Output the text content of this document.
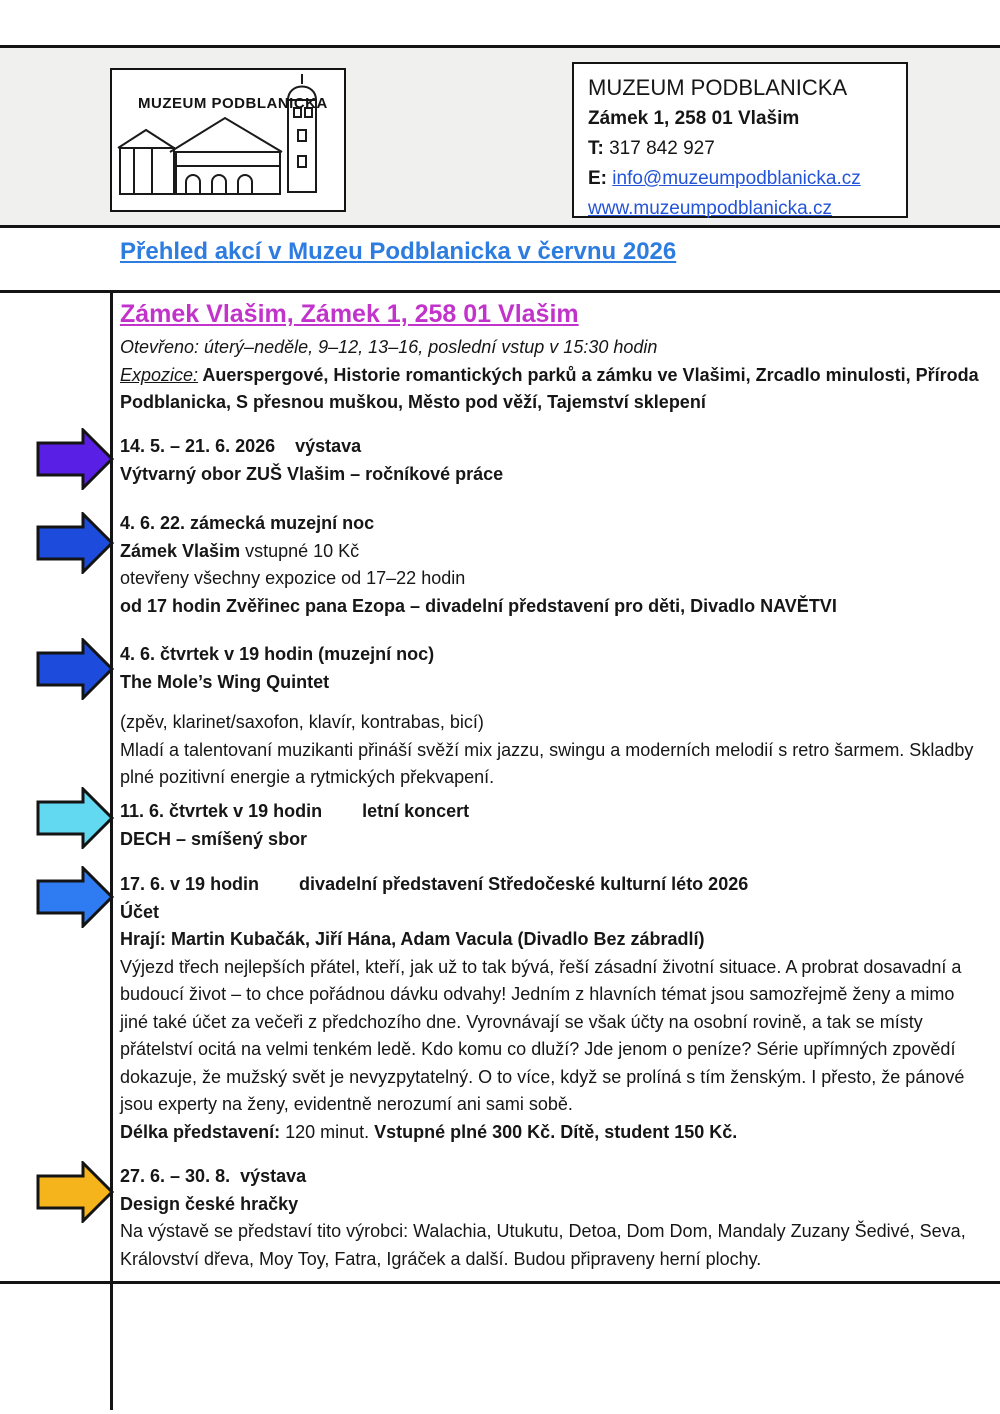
MUZEUM PODBLANICKA
MUZEUM PODBLANICKA
Zámek 1, 258 01 Vlašim
T: 317 842 927
E: info@muzeumpodblanicka.cz
www.muzeumpodblanicka.cz
Přehled akcí v Muzeu Podblanicka v červnu 2026
Zámek Vlašim, Zámek 1, 258 01 Vlašim
Otevřeno: úterý–neděle, 9–12, 13–16, poslední vstup v 15:30 hodin

Expozice: Auerspergové, Historie romantických parků a zámku ve Vlašimi, Zrcadlo minulosti, Příroda Podblanicka, S přesnou muškou, Město pod věží, Tajemství sklepení

14. 5. – 21. 6. 2026    výstava

Výtvarný obor ZUŠ Vlašim – ročníkové práce

4. 6. 22. zámecká muzejní noc

Zámek Vlašim vstupné 10 Kč

otevřeny všechny expozice od 17–22 hodin

od 17 hodin Zvěřinec pana Ezopa – divadelní představení pro děti, Divadlo NAVĚTVI

4. 6. čtvrtek v 19 hodin (muzejní noc)

The Mole’s Wing Quintet

(zpěv, klarinet/saxofon, klavír, kontrabas, bicí)

Mladí a talentovaní muzikanti přináší svěží mix jazzu, swingu a moderních melodií s retro šarmem. Skladby plné pozitivní energie a rytmických překvapení.

11. 6. čtvrtek v 19 hodin        letní koncert

DECH – smíšený sbor

17. 6. v 19 hodin        divadelní představení Středočeské kulturní léto 2026

Účet

Hrají: Martin Kubačák, Jiří Hána, Adam Vacula (Divadlo Bez zábradlí)

Výjezd třech nejlepších přátel, kteří, jak už to tak bývá, řeší zásadní životní situace. A probrat dosavadní a budoucí život – to chce pořádnou dávku odvahy! Jedním z hlavních témat jsou samozřejmě ženy a mimo jiné také účet za večeři z předchozího dne. Vyrovnávají se však účty na osobní rovině, a tak se místy přátelství ocitá na velmi tenkém ledě. Kdo komu co dluží? Jde jenom o peníze? Série upřímných zpovědí dokazuje, že mužský svět je nevyzpytatelný. O to více, když se prolíná s tím ženským. I přesto, že pánové jsou experty na ženy, evidentně nerozumí ani sami sobě.

Délka představení: 120 minut. Vstupné plné 300 Kč. Dítě, student 150 Kč.

27. 6. – 30. 8.  výstava

Design české hračky

Na výstavě se představí tito výrobci: Walachia, Utukutu, Detoa, Dom Dom, Mandaly Zuzany Šedivé, Seva, Království dřeva, Moy Toy, Fatra, Igráček a další. Budou připraveny herní plochy.
